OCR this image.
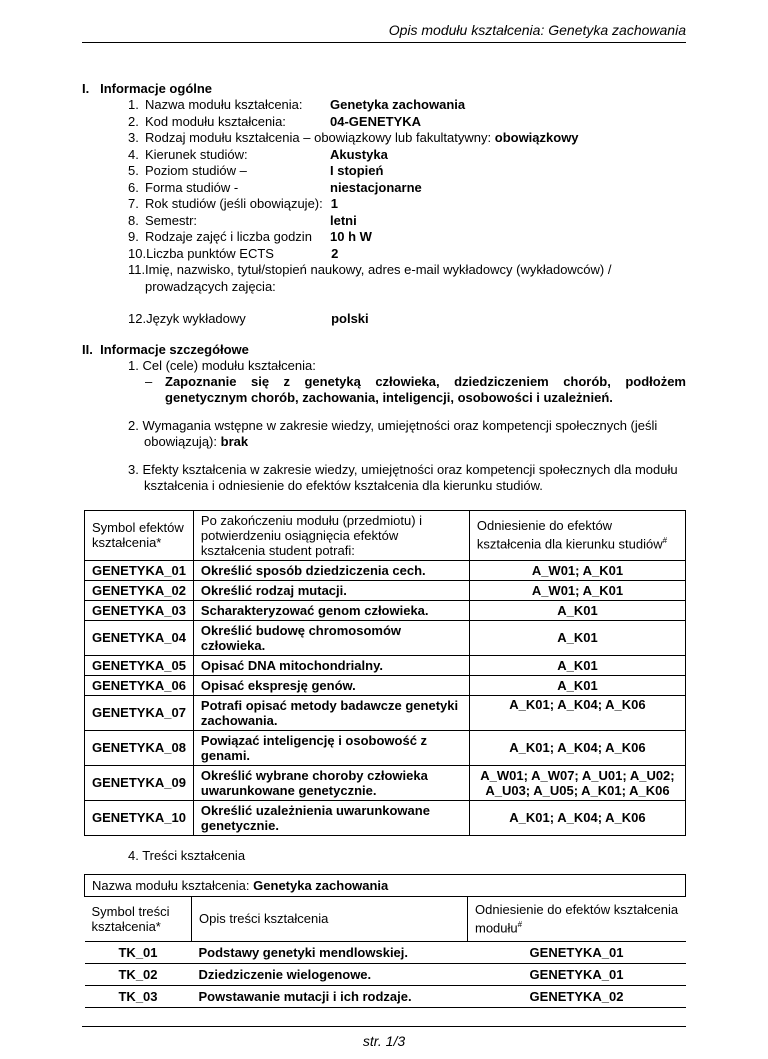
Opis modułu kształcenia: Genetyka zachowania
I. Informacje ogólne
1. Nazwa modułu kształcenia:	Genetyka zachowania
2. Kod modułu kształcenia:	04-GENETYKA
3. Rodzaj modułu kształcenia – obowiązkowy lub fakultatywny:
obowiązkowy
4. Kierunek studiów:	Akustyka
5. Poziom studiów –	I stopień
6. Forma studiów -	niestacjonarne
7. Rok studiów (jeśli obowiązuje): 1
8. Semestr:	letni
9. Rodzaje zajęć i liczba godzin	10 h W
10. Liczba punktów ECTS	2
11.Imię, nazwisko, tytuł/stopień naukowy, adres e-mail wykładowcy (wykładowców) / prowadzących zajęcia:
12. Język wykładowy	polski
II. Informacje szczegółowe
1. Cel (cele) modułu kształcenia:
– Zapoznanie się z genetyką człowieka, dziedziczeniem chorób, podłożem genetycznym chorób, zachowania, inteligencji, osobowości i uzależnień.
2. Wymagania wstępne w zakresie wiedzy, umiejętności oraz kompetencji społecznych (jeśli obowiązują): brak
3. Efekty kształcenia w zakresie wiedzy, umiejętności oraz kompetencji społecznych dla modułu kształcenia i odniesienie do efektów kształcenia dla kierunku studiów.
Symbol efektów kształcenia*	Po zakończeniu modułu (przedmiotu) i potwierdzeniu osiągnięcia efektów kształcenia student potrafi:	Odniesienie do efektów kształcenia dla kierunku studiów#
GENETYKA_01	Określić sposób dziedziczenia cech.	A_W01; A_K01
GENETYKA_02	Określić rodzaj mutacji.	A_W01; A_K01
GENETYKA_03	Scharakteryzować genom człowieka.	A_K01
GENETYKA_04	Określić budowę chromosomów człowieka.	A_K01
GENETYKA_05	Opisać DNA mitochondrialny.	A_K01
GENETYKA_06	Opisać ekspresję genów.	A_K01
GENETYKA_07	Potrafi opisać metody badawcze genetyki zachowania.	A_K01; A_K04; A_K06
GENETYKA_08	Powiązać inteligencję i osobowość z genami.	A_K01; A_K04; A_K06
GENETYKA_09	Określić wybrane choroby człowieka uwarunkowane genetycznie.	A_W01; A_W07; A_U01; A_U02; A_U03; A_U05; A_K01; A_K06
GENETYKA_10	Określić uzależnienia uwarunkowane genetycznie.	A_K01; A_K04; A_K06
4. Treści kształcenia
Nazwa modułu kształcenia: Genetyka zachowania		
Symbol treści kształcenia*	Opis treści kształcenia	Odniesienie do efektów kształcenia modułu#
TK_01	Podstawy genetyki mendlowskiej.	GENETYKA_01
TK_02	Dziedziczenie wielogenowe.	GENETYKA_01
TK_03	Powstawanie mutacji i ich rodzaje.	GENETYKA_02
str. 1/3
